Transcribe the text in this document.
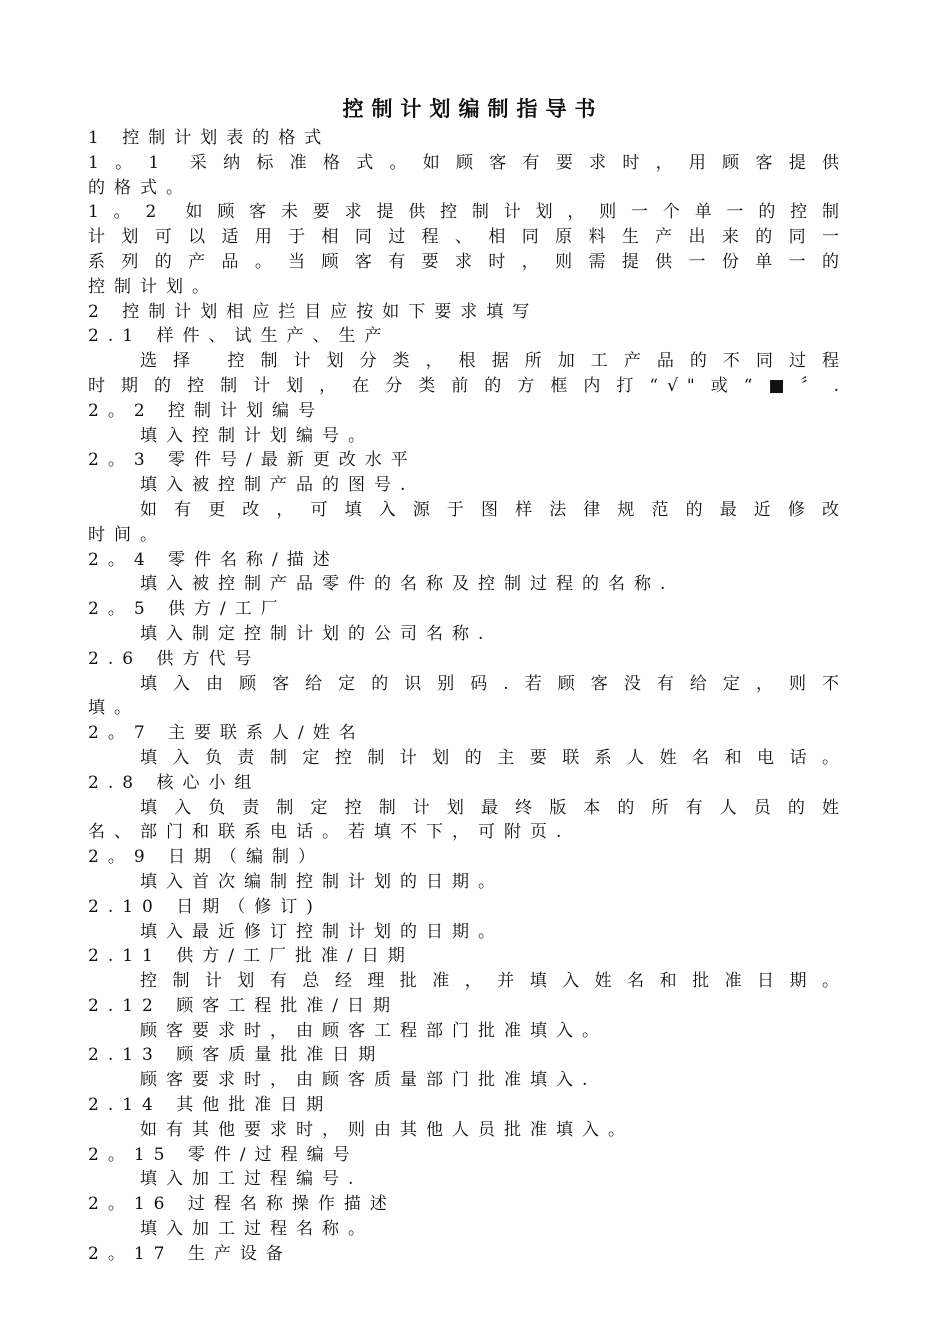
控制计划编制指导书

1 控制计划表的格式

1。1 采纳标准格式。如顾客有要求时，用顾客提供

的格式。

1。2 如顾客未要求提供控制计划，则一个单一的控制

计划可以适用于相同过程、相同原料生产出来的同一

系列的产品。当顾客有要求时，则需提供一份单一的

控制计划。

2 控制计划相应拦目应按如下要求填写

2.1 样件、试生产、生产

选择 控制计划分类，根据所加工产品的不同过程

时期的控制计划，在分类前的方框内打“√"或“■〞.

2。2 控制计划编号

填入控制计划编号。

2。3 零件号/最新更改水平

填入被控制产品的图号.

如有更改，可填入源于图样法律规范的最近修改

时间。

2。4 零件名称/描述

填入被控制产品零件的名称及控制过程的名称.

2。5 供方/工厂

填入制定控制计划的公司名称.

2.6 供方代号

填入由顾客给定的识别码.若顾客没有给定，则不

填。

2。7 主要联系人/姓名

填入负责制定控制计划的主要联系人姓名和电话。

2.8 核心小组

填入负责制定控制计划最终版本的所有人员的姓

名、部门和联系电话。若填不下，可附页.

2。9 日期（编制）

填入首次编制控制计划的日期。

2.10 日期（修订)

填入最近修订控制计划的日期。

2.11 供方/工厂批准/日期

控制计划有总经理批准，并填入姓名和批准日期。

2.12 顾客工程批准/日期

顾客要求时，由顾客工程部门批准填入。

2.13 顾客质量批准日期

顾客要求时，由顾客质量部门批准填入.

2.14 其他批准日期

如有其他要求时，则由其他人员批准填入。

2。15 零件/过程编号

填入加工过程编号.

2。16 过程名称操作描述

填入加工过程名称。

2。17 生产设备
